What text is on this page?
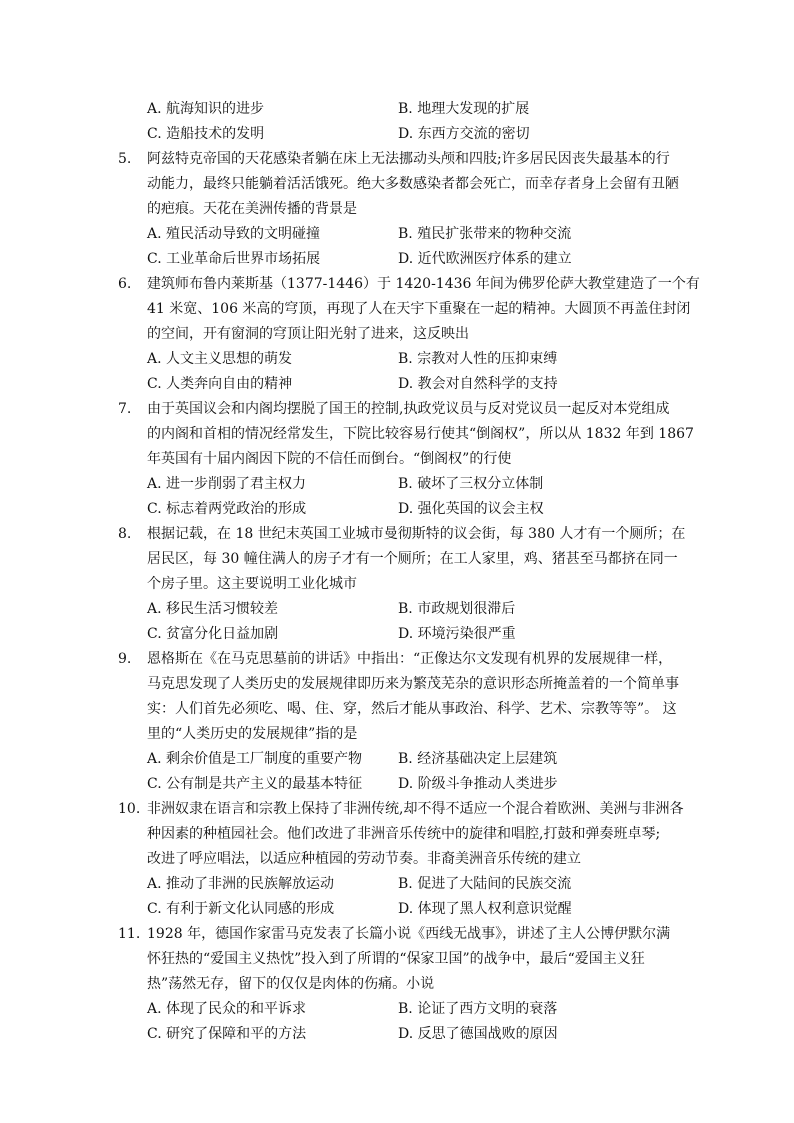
A. 航海知识的进步	B. 地理大发现的扩展
C. 造船技术的发明	D. 东西方交流的密切
5.	阿兹特克帝国的天花感染者躺在床上无法挪动头颅和四肢;许多居民因丧失最基本的行
动能力，最终只能躺着活活饿死。绝大多数感染者都会死亡，而幸存者身上会留有丑陋
的疤痕。天花在美洲传播的背景是
A. 殖民活动导致的文明碰撞	B. 殖民扩张带来的物种交流
C. 工业革命后世界市场拓展	D. 近代欧洲医疗体系的建立
6.	建筑师布鲁内莱斯基（1377-1446）于 1420-1436 年间为佛罗伦萨大教堂建造了一个有
41 米宽、106 米高的穹顶，再现了人在天宇下重聚在一起的精神。大圆顶不再盖住封闭
的空间，开有窗洞的穹顶让阳光射了进来，这反映出
A. 人文主义思想的萌发	B. 宗教对人性的压抑束缚
C. 人类奔向自由的精神	D. 教会对自然科学的支持
7.	由于英国议会和内阁均摆脱了国王的控制,执政党议员与反对党议员一起反对本党组成
的内阁和首相的情况经常发生，下院比较容易行使其“倒阁权”，所以从 1832 年到 1867
年英国有十届内阁因下院的不信任而倒台。“倒阁权”的行使
A. 进一步削弱了君主权力	B. 破坏了三权分立体制
C. 标志着两党政治的形成	D. 强化英国的议会主权
8.	根据记载，在 18 世纪末英国工业城市曼彻斯特的议会街，每 380 人才有一个厕所；在
居民区，每 30 幢住满人的房子才有一个厕所；在工人家里，鸡、猪甚至马都挤在同一
个房子里。这主要说明工业化城市
A. 移民生活习惯较差	B. 市政规划很滞后
C. 贫富分化日益加剧	D. 环境污染很严重
9.	恩格斯在《在马克思墓前的讲话》中指出：“正像达尔文发现有机界的发展规律一样，
马克思发现了人类历史的发展规律即历来为繁茂芜杂的意识形态所掩盖着的一个简单事
实：人们首先必须吃、喝、住、穿，然后才能从事政治、科学、艺术、宗教等等”。 这
里的“人类历史的发展规律”指的是
A. 剩余价值是工厂制度的重要产物	B. 经济基础决定上层建筑
C. 公有制是共产主义的最基本特征	D. 阶级斗争推动人类进步
10. 非洲奴隶在语言和宗教上保持了非洲传统,却不得不适应一个混合着欧洲、美洲与非洲各
种因素的种植园社会。他们改进了非洲音乐传统中的旋律和唱腔,打鼓和弹奏班卓琴;
改进了呼应唱法，以适应种植园的劳动节奏。非裔美洲音乐传统的建立
A. 推动了非洲的民族解放运动	B. 促进了大陆间的民族交流
C. 有利于新文化认同感的形成	D. 体现了黑人权利意识觉醒
11. 1928 年，德国作家雷马克发表了长篇小说《西线无战事》，讲述了主人公博伊默尔满
怀狂热的“爱国主义热忱”投入到了所谓的“保家卫国”的战争中，最后“爱国主义狂
热”荡然无存，留下的仅仅是肉体的伤痛。小说
A. 体现了民众的和平诉求	B. 论证了西方文明的衰落
C. 研究了保障和平的方法	D. 反思了德国战败的原因
